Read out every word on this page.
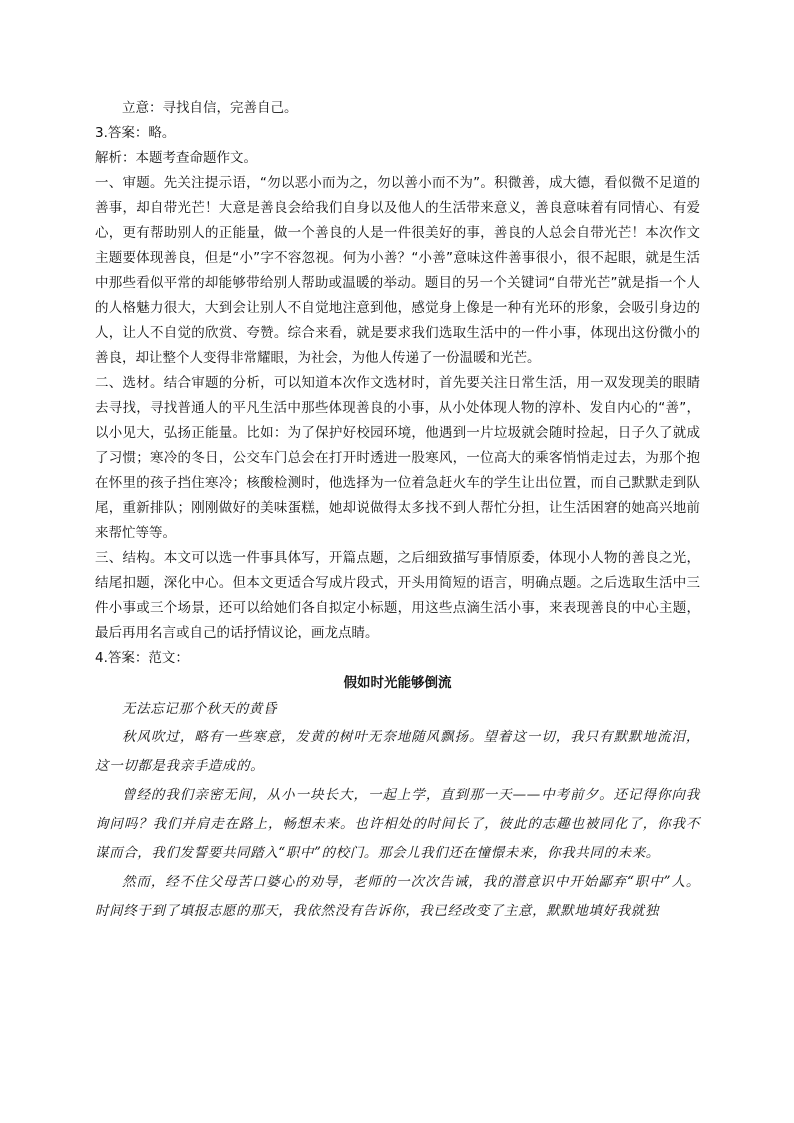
立意：寻找自信，完善自己。

3.答案：略。

解析：本题考查命题作文。

一、审题。先关注提示语，“勿以恶小而为之，勿以善小而不为”。积微善，成大德，看似微不足道的善事，却自带光芒！大意是善良会给我们自身以及他人的生活带来意义，善良意味着有同情心、有爱心，更有帮助别人的正能量，做一个善良的人是一件很美好的事，善良的人总会自带光芒！本次作文主题要体现善良，但是“小”字不容忽视。何为小善？“小善”意味这件善事很小，很不起眼，就是生活中那些看似平常的却能够带给别人帮助或温暖的举动。题目的另一个关键词“自带光芒”就是指一个人的人格魅力很大，大到会让别人不自觉地注意到他，感觉身上像是一种有光环的形象，会吸引身边的人，让人不自觉的欣赏、夸赞。综合来看，就是要求我们选取生活中的一件小事，体现出这份微小的善良，却让整个人变得非常耀眼，为社会，为他人传递了一份温暖和光芒。

二、选材。结合审题的分析，可以知道本次作文选材时，首先要关注日常生活，用一双发现美的眼睛去寻找，寻找普通人的平凡生活中那些体现善良的小事，从小处体现人物的淳朴、发自内心的“善”，以小见大，弘扬正能量。比如：为了保护好校园环境，他遇到一片垃圾就会随时捡起，日子久了就成了习惯；寒冷的冬日，公交车门总会在打开时透进一股寒风，一位高大的乘客悄悄走过去，为那个抱在怀里的孩子挡住寒冷；核酸检测时，他选择为一位着急赶火车的学生让出位置，而自己默默走到队尾，重新排队；刚刚做好的美味蛋糕，她却说做得太多找不到人帮忙分担，让生活困窘的她高兴地前来帮忙等等。

三、结构。本文可以选一件事具体写，开篇点题，之后细致描写事情原委，体现小人物的善良之光，结尾扣题，深化中心。但本文更适合写成片段式，开头用简短的语言，明确点题。之后选取生活中三件小事或三个场景，还可以给她们各自拟定小标题，用这些点滴生活小事，来表现善良的中心主题，最后再用名言或自己的话抒情议论，画龙点睛。

4.答案：范文：

假如时光能够倒流

无法忘记那个秋天的黄昏

秋风吹过，略有一些寒意，发黄的树叶无奈地随风飘扬。望着这一切，我只有默默地流泪，这一切都是我亲手造成的。

曾经的我们亲密无间，从小一块长大，一起上学，直到那一天——中考前夕。还记得你向我询问吗？我们并肩走在路上，畅想未来。也许相处的时间长了，彼此的志趣也被同化了，你我不谋而合，我们发誓要共同踏入“职中”的校门。那会儿我们还在憧憬未来，你我共同的未来。

然而，经不住父母苦口婆心的劝导，老师的一次次告诫，我的潜意识中开始鄙弃“职中”人。时间终于到了填报志愿的那天，我依然没有告诉你，我已经改变了主意，默默地填好我就独
